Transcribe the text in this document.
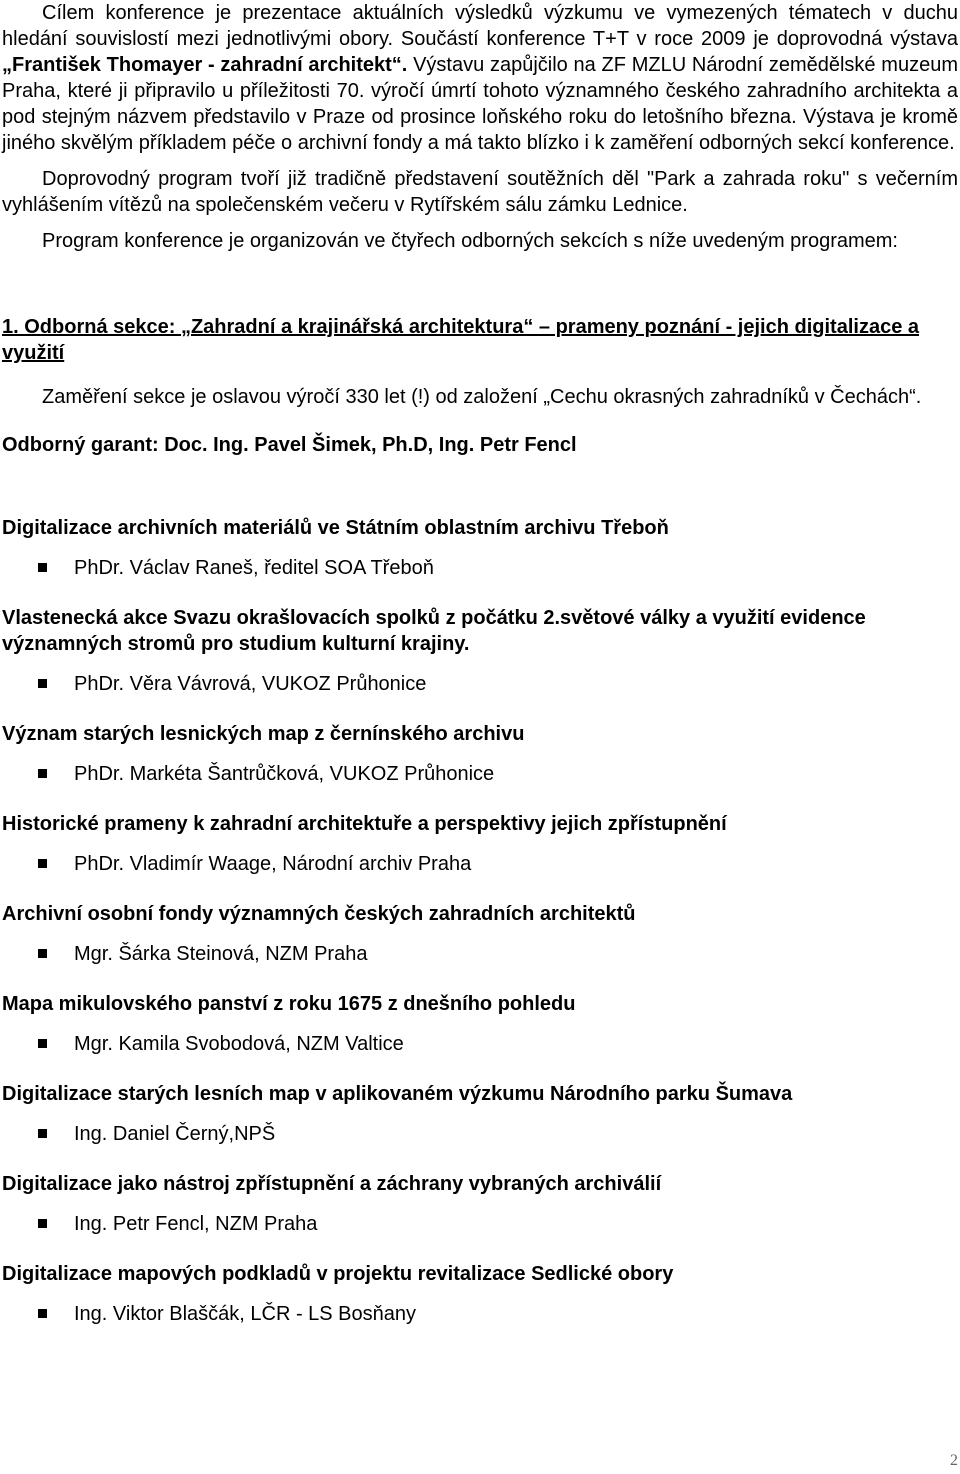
Cílem konference je prezentace aktuálních výsledků výzkumu ve vymezených tématech v duchu hledání souvislostí mezi jednotlivými obory. Součástí konference T+T v roce 2009 je doprovodná výstava „František Thomayer - zahradní architekt“. Výstavu zapůjčilo na ZF MZLU Národní zemědělské muzeum Praha, které ji připravilo u příležitosti 70. výročí úmrtí tohoto významného českého zahradního architekta a pod stejným názvem představilo v Praze od prosince loňského roku do letošního března. Výstava je kromě jiného skvělým příkladem péče o archivní fondy a má takto blízko i k zaměření odborných sekcí konference.

Doprovodný program tvoří již tradičně představení soutěžních děl "Park a zahrada roku" s večerním vyhlášením vítězů na společenském večeru v Rytířském sálu zámku Lednice.

Program konference je organizován ve čtyřech odborných sekcích s níže uvedeným programem:

1. Odborná sekce: „Zahradní a krajinářská architektura“ – prameny poznání - jejich digitalizace a využití

Zaměření sekce je oslavou výročí 330 let (!) od založení „Cechu okrasných zahradníků v Čechách“.

Odborný garant: Doc. Ing. Pavel Šimek, Ph.D, Ing. Petr Fencl

Digitalizace archivních materiálů ve Státním oblastním archivu Třeboň

PhDr. Václav Raneš, ředitel SOA Třeboň

Vlastenecká akce Svazu okrašlovacích spolků z počátku 2.světové války a využití evidence významných stromů pro studium kulturní krajiny.

PhDr. Věra Vávrová, VUKOZ Průhonice

Význam starých lesnických map z černínského archivu

PhDr. Markéta Šantrůčková, VUKOZ Průhonice

Historické prameny k zahradní architektuře a perspektivy jejich zpřístupnění

PhDr. Vladimír Waage, Národní archiv Praha

Archivní osobní fondy významných českých zahradních architektů

Mgr. Šárka Steinová, NZM Praha

Mapa mikulovského panství z roku 1675 z dnešního pohledu

Mgr. Kamila Svobodová, NZM Valtice

Digitalizace starých lesních map v aplikovaném výzkumu Národního parku Šumava

Ing. Daniel Černý,NPŠ

Digitalizace jako nástroj zpřístupnění a záchrany vybraných archiválií

Ing. Petr Fencl, NZM Praha

Digitalizace mapových podkladů v projektu revitalizace Sedlické obory

Ing. Viktor Blaščák, LČR - LS Bosňany

2
